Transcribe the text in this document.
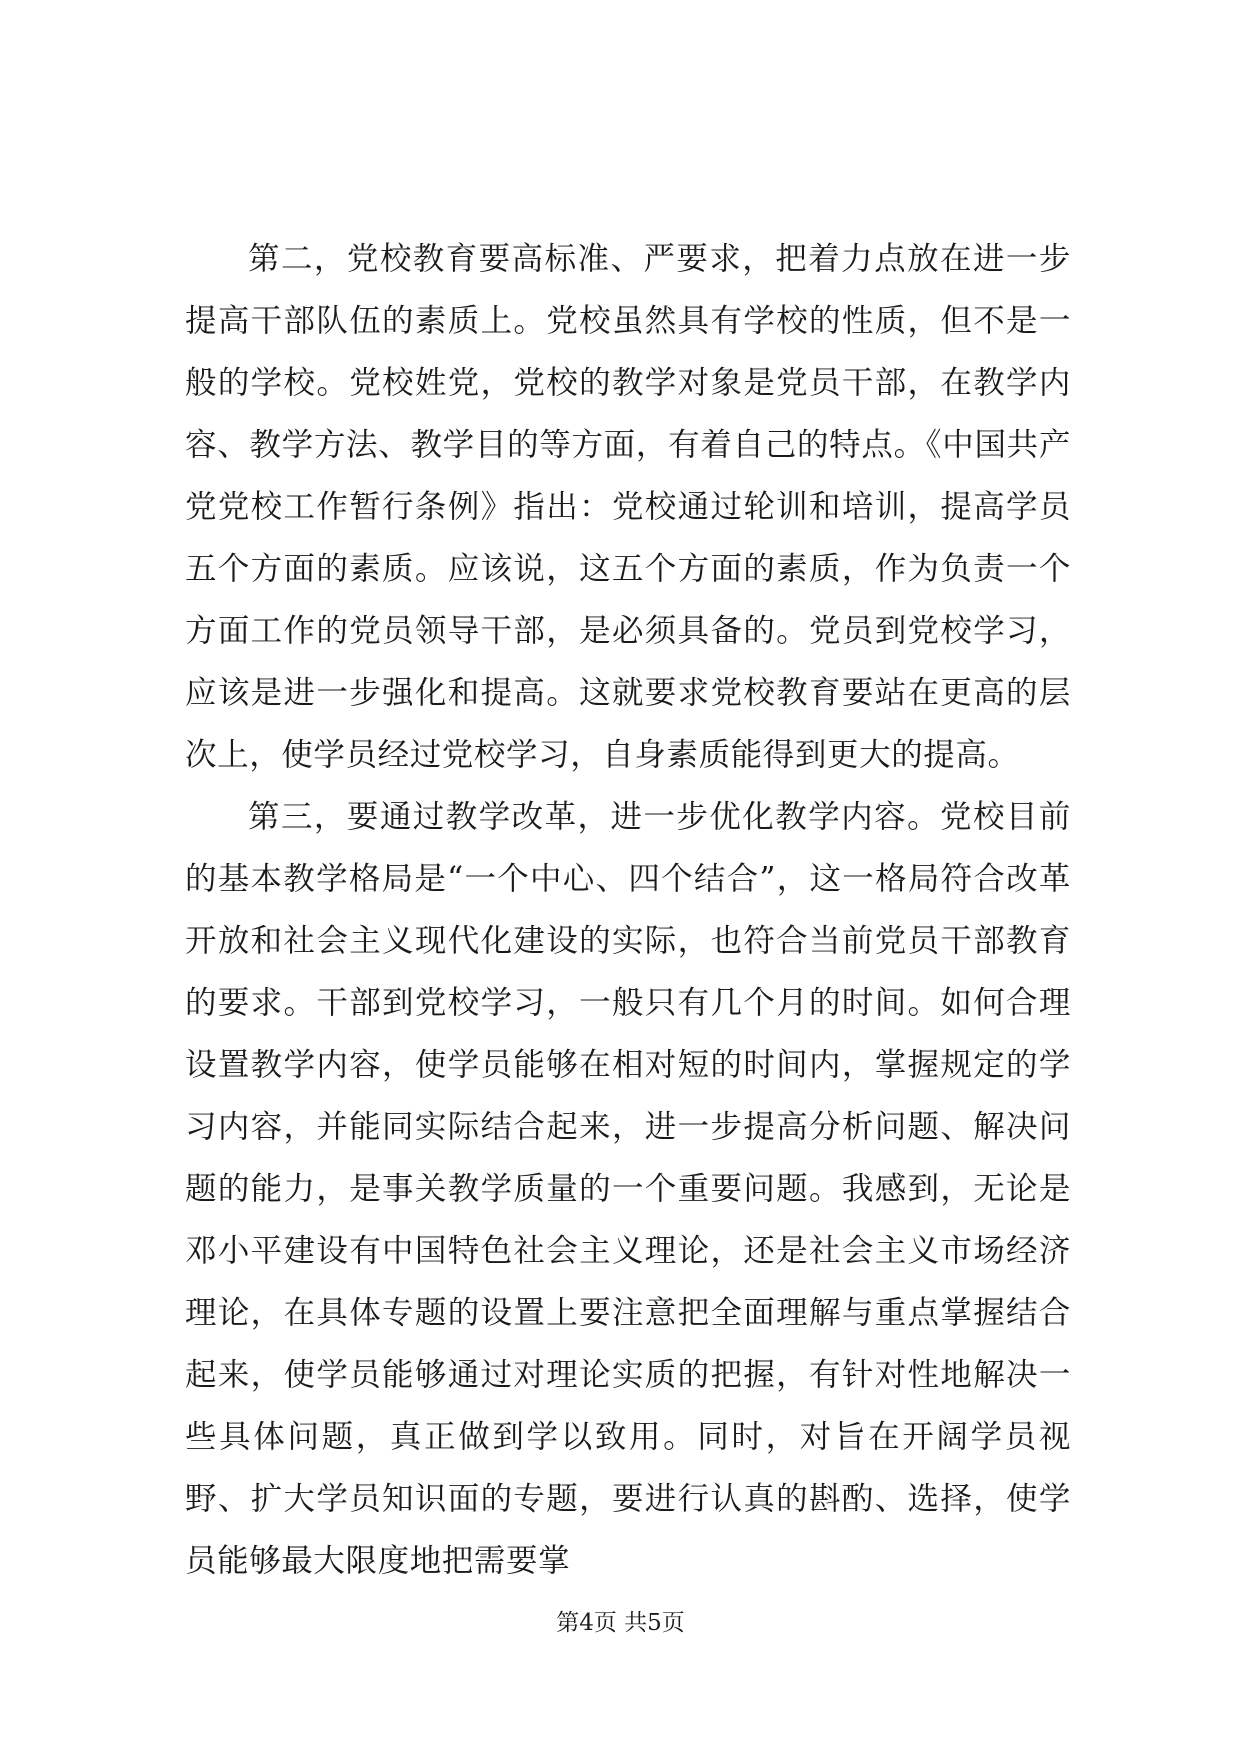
第二，党校教育要高标准、严要求，把着力点放在进一步提高干部队伍的素质上。党校虽然具有学校的性质，但不是一般的学校。党校姓党，党校的教学对象是党员干部，在教学内容、教学方法、教学目的等方面，有着自己的特点。《中国共产党党校工作暂行条例》指出：党校通过轮训和培训，提高学员五个方面的素质。应该说，这五个方面的素质，作为负责一个方面工作的党员领导干部，是必须具备的。党员到党校学习，应该是进一步强化和提高。这就要求党校教育要站在更高的层次上，使学员经过党校学习，自身素质能得到更大的提高。

第三，要通过教学改革，进一步优化教学内容。党校目前的基本教学格局是“一个中心、四个结合”，这一格局符合改革开放和社会主义现代化建设的实际，也符合当前党员干部教育的要求。干部到党校学习，一般只有几个月的时间。如何合理设置教学内容，使学员能够在相对短的时间内，掌握规定的学习内容，并能同实际结合起来，进一步提高分析问题、解决问题的能力，是事关教学质量的一个重要问题。我感到，无论是邓小平建设有中国特色社会主义理论，还是社会主义市场经济理论，在具体专题的设置上要注意把全面理解与重点掌握结合起来，使学员能够通过对理论实质的把握，有针对性地解决一些具体问题，真正做到学以致用。同时，对旨在开阔学员视野、扩大学员知识面的专题，要进行认真的斟酌、选择，使学员能够最大限度地把需要掌

第4页 共5页
